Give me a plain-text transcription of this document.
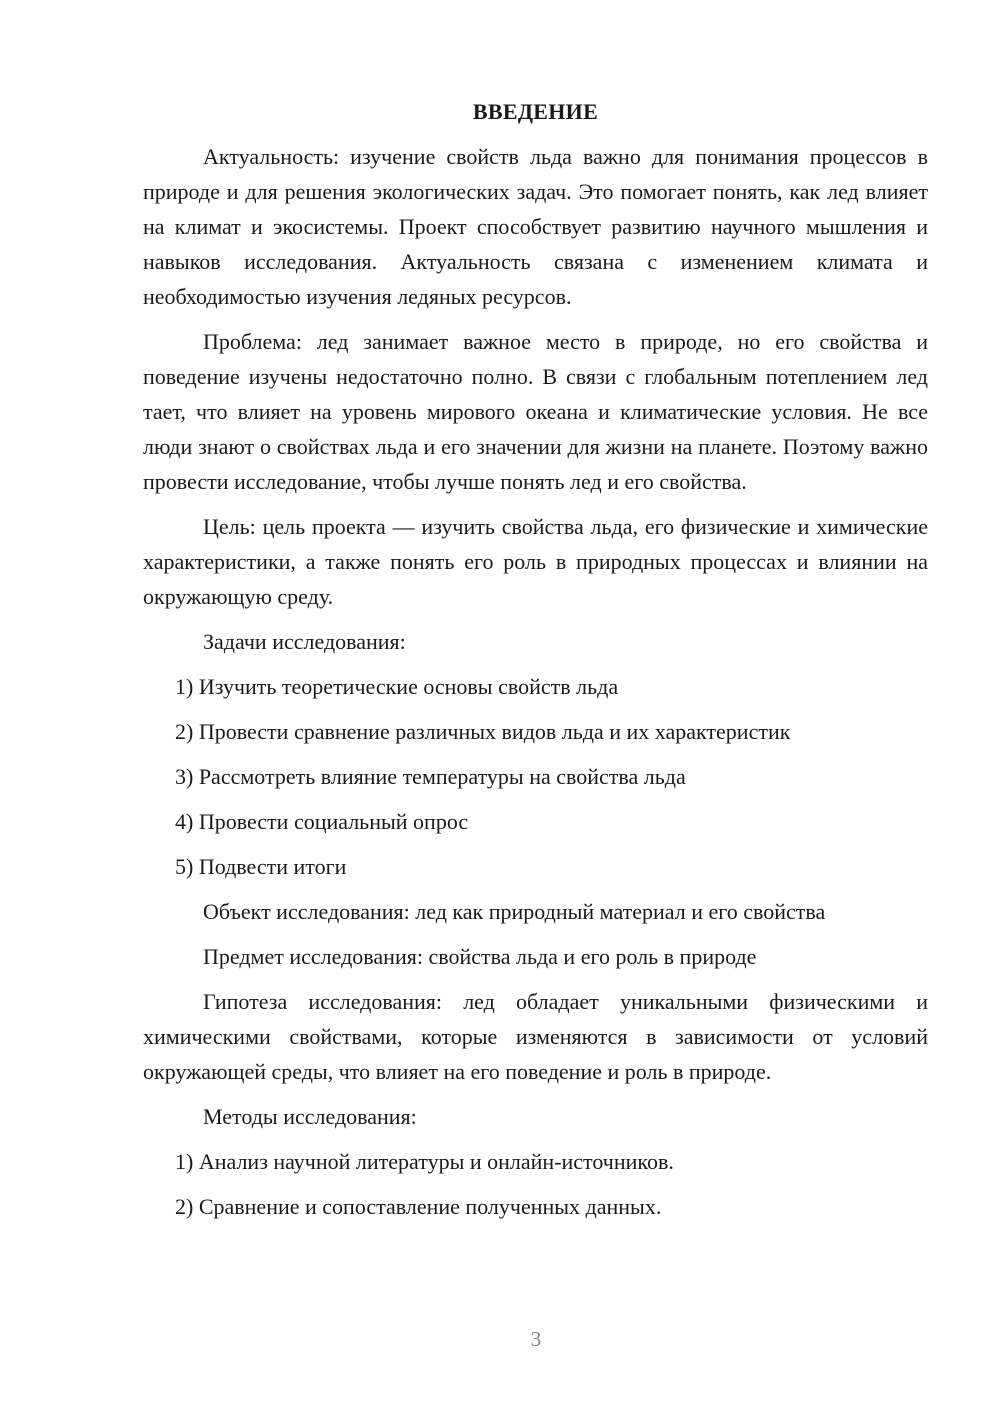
ВВЕДЕНИЕ

Актуальность: изучение свойств льда важно для понимания процессов в природе и для решения экологических задач. Это помогает понять, как лед влияет на климат и экосистемы. Проект способствует развитию научного мышления и навыков исследования. Актуальность связана с изменением климата и необходимостью изучения ледяных ресурсов.

Проблема: лед занимает важное место в природе, но его свойства и поведение изучены недостаточно полно. В связи с глобальным потеплением лед тает, что влияет на уровень мирового океана и климатические условия. Не все люди знают о свойствах льда и его значении для жизни на планете. Поэтому важно провести исследование, чтобы лучше понять лед и его свойства.

Цель: цель проекта — изучить свойства льда, его физические и химические характеристики, а также понять его роль в природных процессах и влиянии на окружающую среду.

Задачи исследования:

1) Изучить теоретические основы свойств льда
2) Провести сравнение различных видов льда и их характеристик
3) Рассмотреть влияние температуры на свойства льда
4) Провести социальный опрос
5) Подвести итоги

Объект исследования: лед как природный материал и его свойства

Предмет исследования: свойства льда и его роль в природе

Гипотеза исследования: лед обладает уникальными физическими и химическими свойствами, которые изменяются в зависимости от условий окружающей среды, что влияет на его поведение и роль в природе.

Методы исследования:

1) Анализ научной литературы и онлайн-источников.
2) Сравнение и сопоставление полученных данных.
3
